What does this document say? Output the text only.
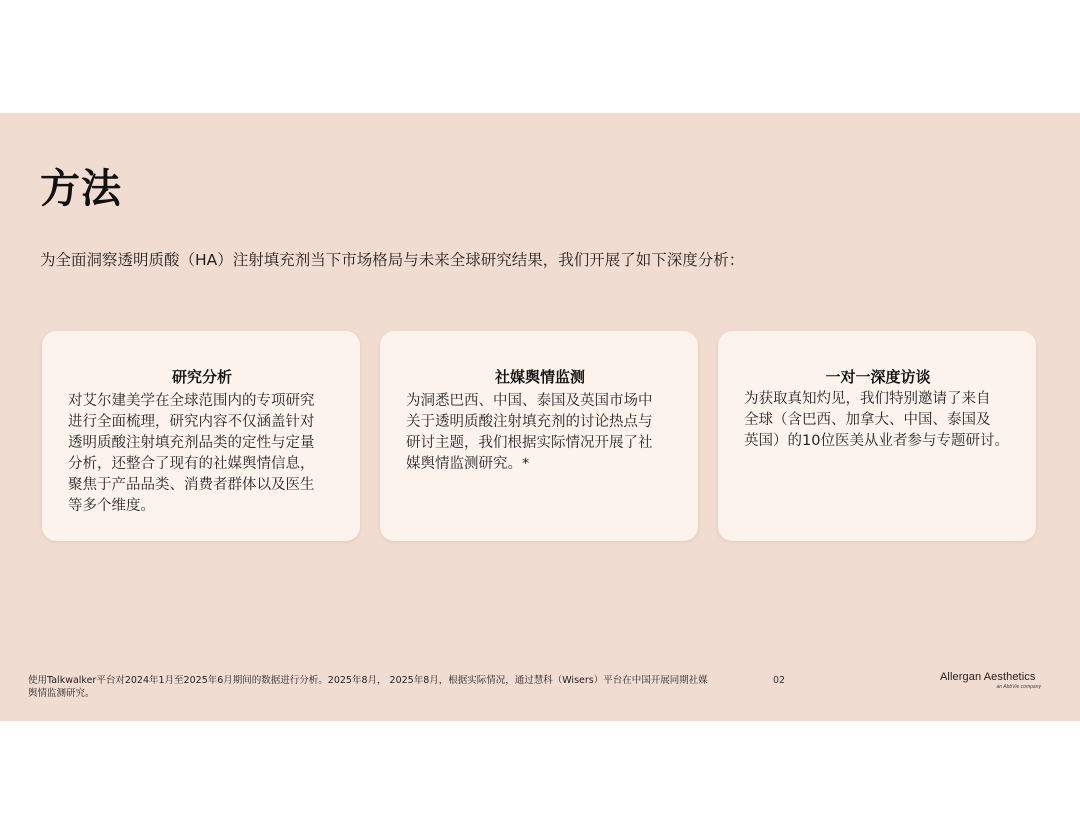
方法
为全面洞察透明质酸（HA）注射填充剂当下市场格局与未来全球研究结果，我们开展了如下深度分析：
研究分析
对艾尔建美学在全球范围内的专项研究
进行全面梳理，研究内容不仅涵盖针对
透明质酸注射填充剂品类的定性与定量
分析，还整合了现有的社媒舆情信息，
聚焦于产品品类、消费者群体以及医生
等多个维度。
社媒舆情监测
为洞悉巴西、中国、泰国及英国市场中
关于透明质酸注射填充剂的讨论热点与
研讨主题，我们根据实际情况开展了社
媒舆情监测研究。*
一对一深度访谈
为获取真知灼见，我们特别邀请了来自
全球（含巴西、加拿大、中国、泰国及
英国）的10位医美从业者参与专题研讨。
使用Talkwalker平台对2024年1月至2025年6月期间的数据进行分析。2025年8月， 2025年8月，根据实际情况，通过慧科（Wisers）平台在中国开展同期社媒
舆情监测研究。
02	Allergan Aesthetics
an AbbVie company
